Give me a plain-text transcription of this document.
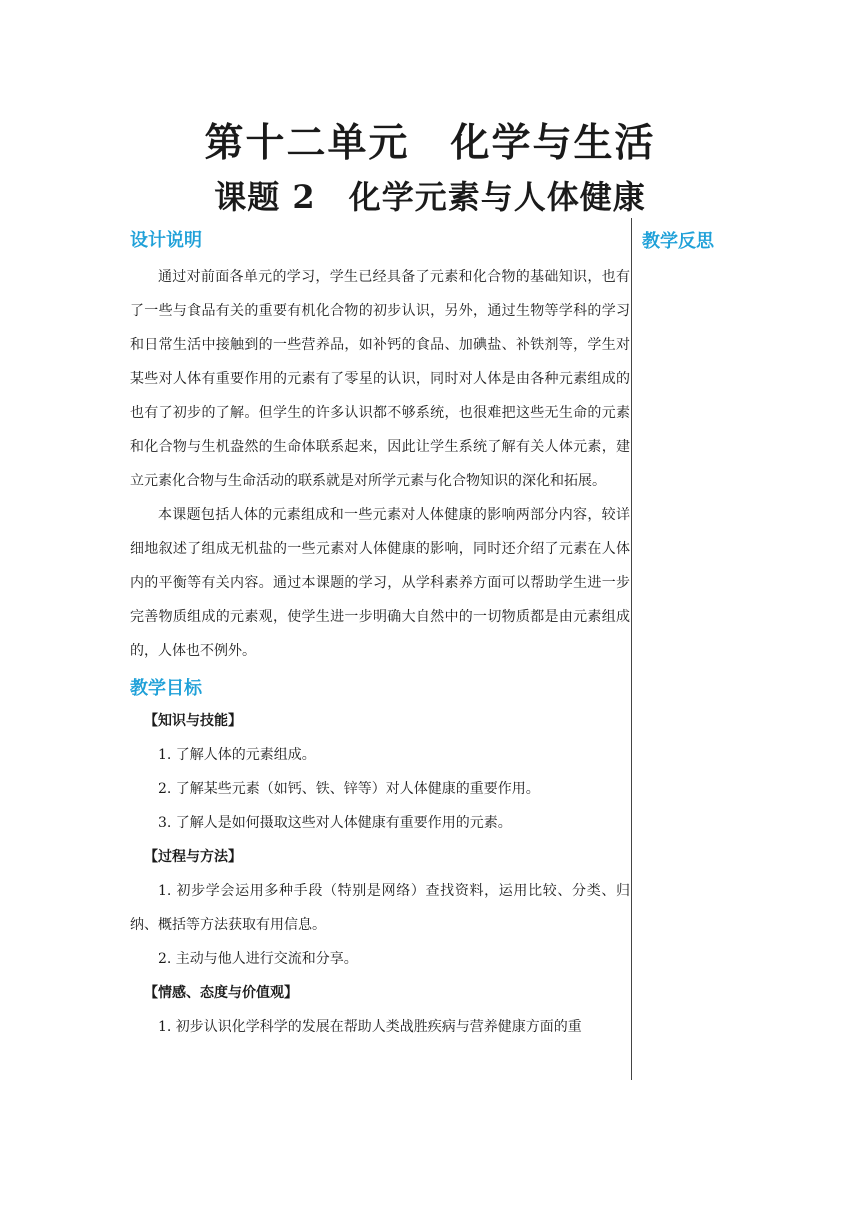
第十二单元　化学与生活
课题 2　化学元素与人体健康
教学反思
设计说明

通过对前面各单元的学习，学生已经具备了元素和化合物的基础知识，也有了一些与食品有关的重要有机化合物的初步认识，另外，通过生物等学科的学习和日常生活中接触到的一些营养品，如补钙的食品、加碘盐、补铁剂等，学生对某些对人体有重要作用的元素有了零星的认识，同时对人体是由各种元素组成的也有了初步的了解。但学生的许多认识都不够系统，也很难把这些无生命的元素和化合物与生机盎然的生命体联系起来，因此让学生系统了解有关人体元素，建立元素化合物与生命活动的联系就是对所学元素与化合物知识的深化和拓展。

本课题包括人体的元素组成和一些元素对人体健康的影响两部分内容，较详细地叙述了组成无机盐的一些元素对人体健康的影响，同时还介绍了元素在人体内的平衡等有关内容。通过本课题的学习，从学科素养方面可以帮助学生进一步完善物质组成的元素观，使学生进一步明确大自然中的一切物质都是由元素组成的，人体也不例外。

教学目标

【知识与技能】

1. 了解人体的元素组成。

2. 了解某些元素（如钙、铁、锌等）对人体健康的重要作用。

3. 了解人是如何摄取这些对人体健康有重要作用的元素。

【过程与方法】

1. 初步学会运用多种手段（特别是网络）查找资料，运用比较、分类、归纳、概括等方法获取有用信息。

2. 主动与他人进行交流和分享。

【情感、态度与价值观】

1. 初步认识化学科学的发展在帮助人类战胜疾病与营养健康方面的重
